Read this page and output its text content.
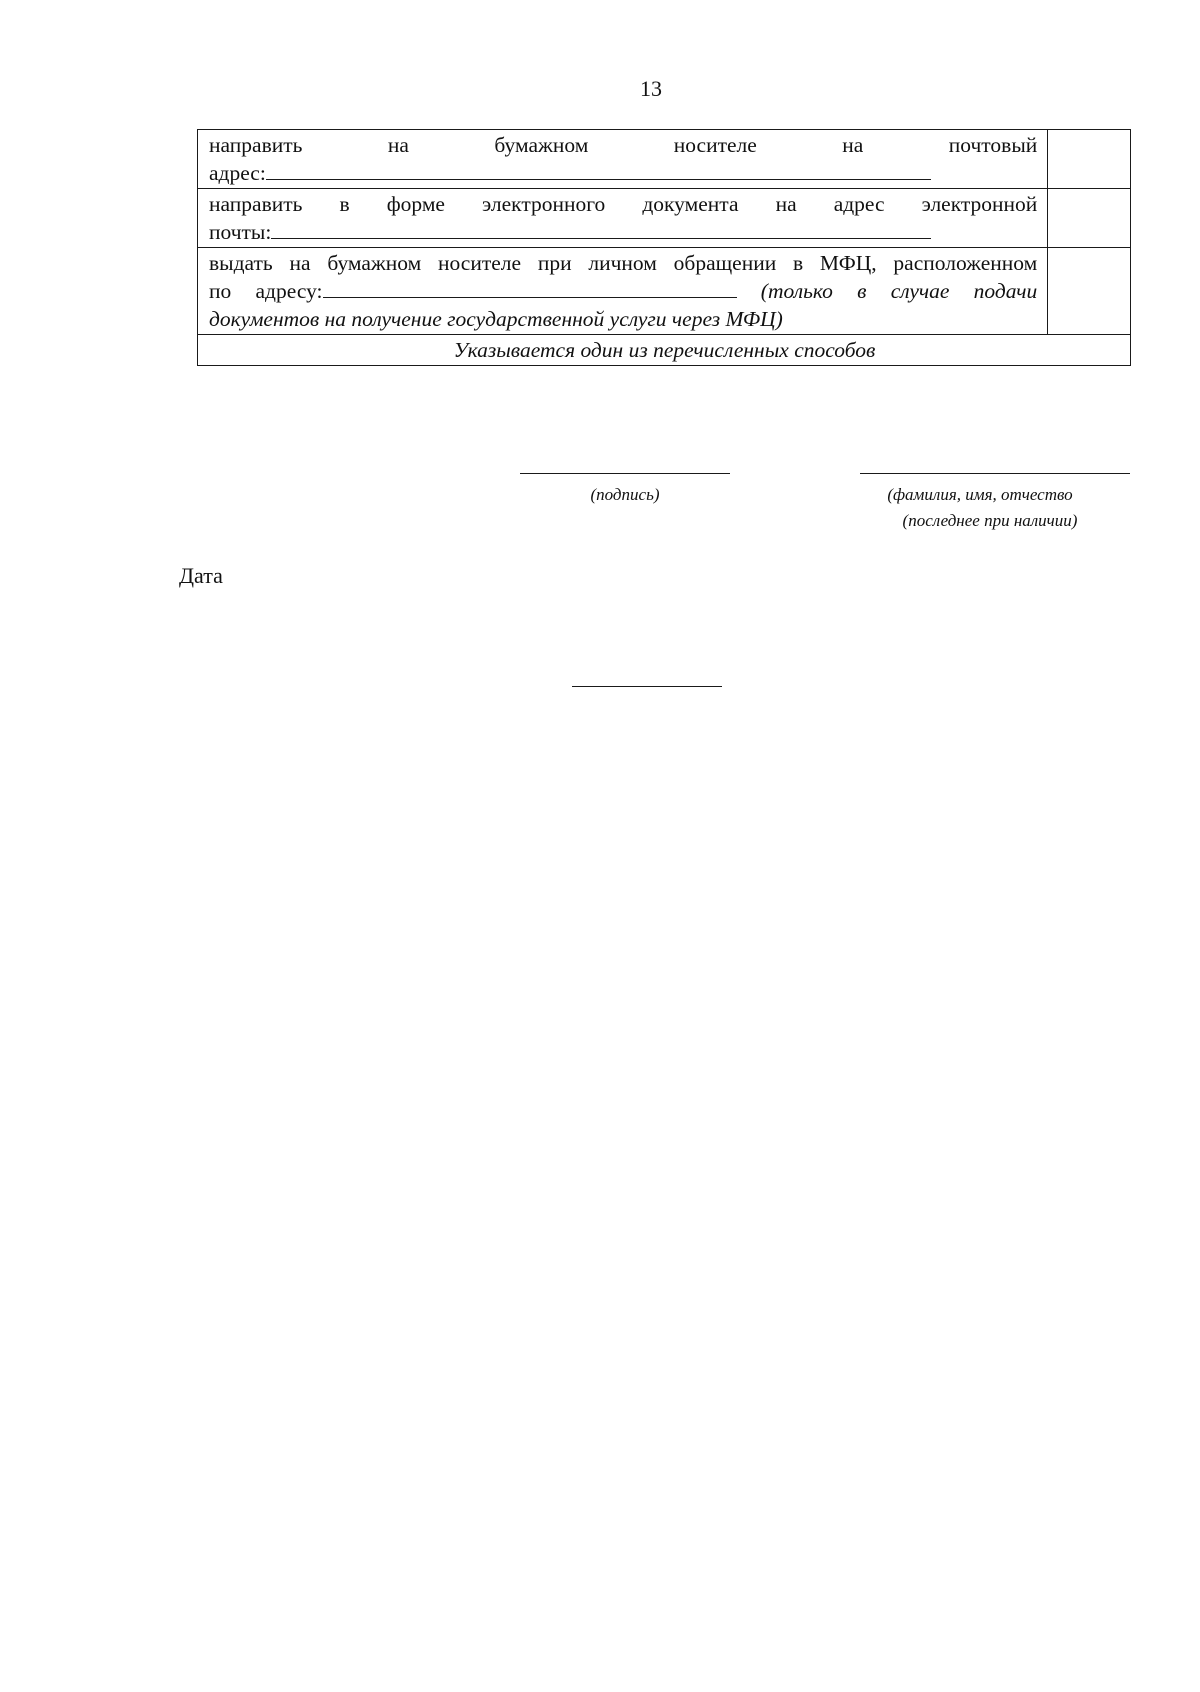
13
направить на бумажном носителе на почтовый
адрес:	

направить в форме электронного документа на адрес электронной
почты:	

выдать на бумажном носителе при личном обращении в МФЦ, расположенном
по адресу: (только в случае подачи
документов на получение государственной услуги через МФЦ)	
Указывается один из перечисленных способов	
(подпись)	(фамилия, имя, отчество
(последнее при наличии)
Дата
